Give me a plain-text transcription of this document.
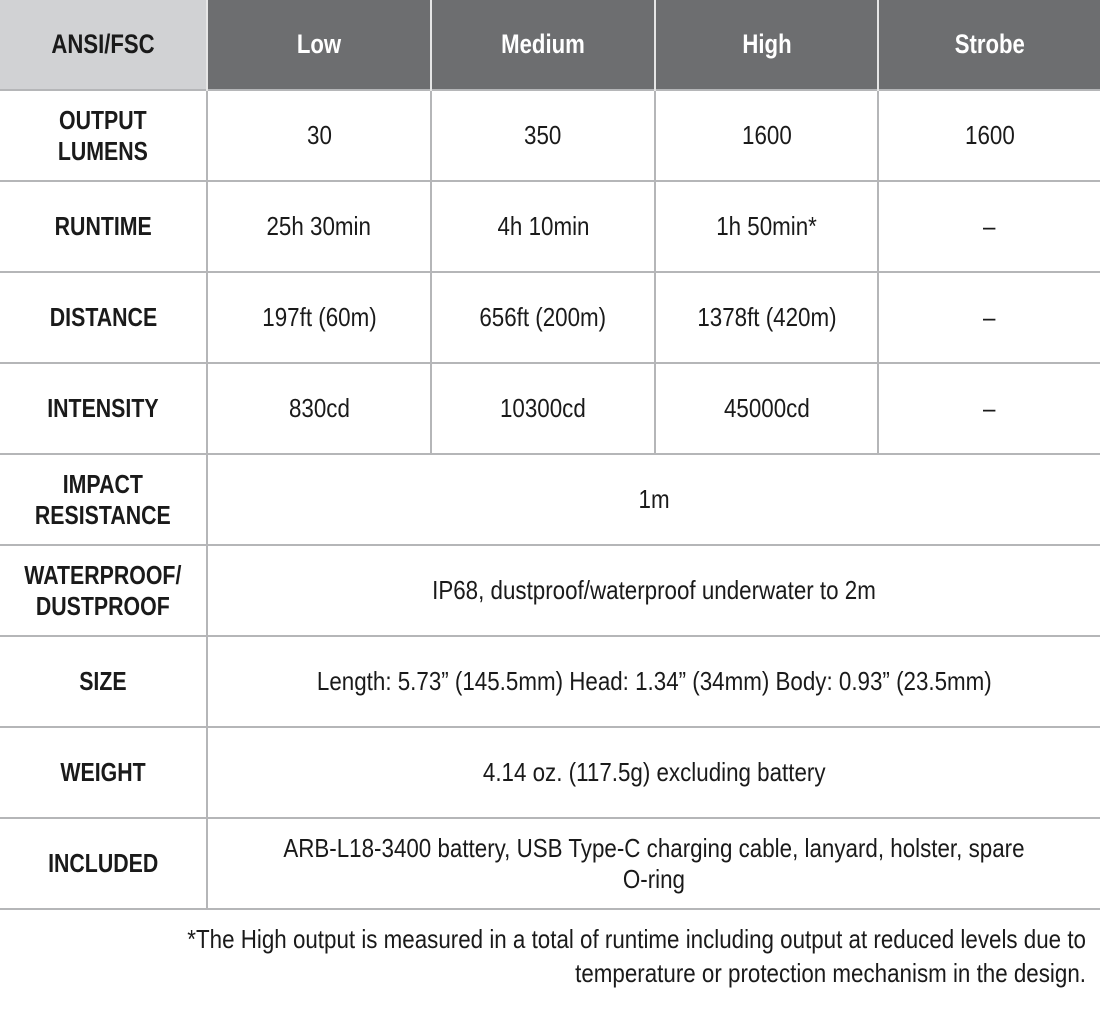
ANSI/FSC	Low	Medium	High	Strobe
OUTPUT
LUMENS	30	350	1600	1600
RUNTIME	25h 30min	4h 10min	1h 50min*	–
DISTANCE	197ft (60m)	656ft (200m)	1378ft (420m)	–
INTENSITY	830cd	10300cd	45000cd	–
IMPACT
RESISTANCE	1m			
WATERPROOF/
DUSTPROOF	IP68, dustproof/waterproof underwater to 2m			
SIZE	Length: 5.73” (145.5mm) Head: 1.34” (34mm) Body: 0.93” (23.5mm)			
WEIGHT	4.14 oz. (117.5g) excluding battery			
INCLUDED	ARB-L18-3400 battery, USB Type-C charging cable, lanyard, holster, spare
O-ring			
*The High output is measured in a total of runtime including output at reduced levels due to
temperature or protection mechanism in the design.
